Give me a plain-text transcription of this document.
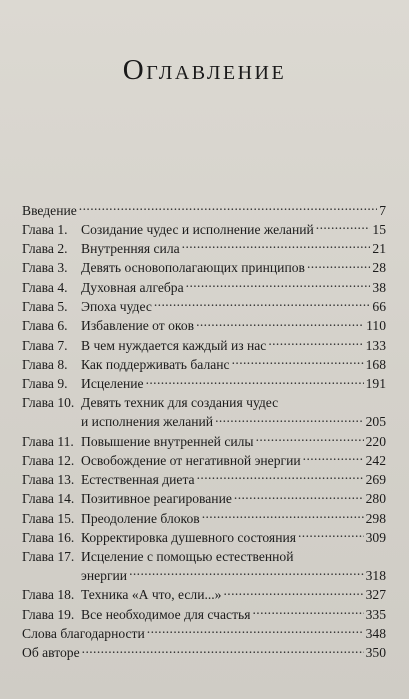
Оглавление
Введение . . .	7
Глава 1. Созидание чудес и исполнение желаний . . .	15
Глава 2. Внутренняя сила . . .	21
Глава 3. Девять основополагающих принципов . . .	28
Глава 4. Духовная алгебра . . .	38
Глава 5. Эпоха чудес . . .	66
Глава 6. Избавление от оков . . .	110
Глава 7. В чем нуждается каждый из нас . . .	133
Глава 8. Как поддерживать баланс . . .	168
Глава 9. Исцеление . . .	191
Глава 10. Девять техник для создания чудес
и исполнения желаний . . .	205
Глава 11. Повышение внутренней силы . . .	220
Глава 12. Освобождение от негативной энергии . . .	242
Глава 13. Естественная диета . . .	269
Глава 14. Позитивное реагирование . . .	280
Глава 15. Преодоление блоков . . .	298
Глава 16. Корректировка душевного состояния . . .	309
Глава 17. Исцеление с помощью естественной
энергии . . .	318
Глава 18. Техника «А что, если...» . . .	327
Глава 19. Все необходимое для счастья . . .	335
Слова благодарности . . .	348
Об авторе . . .	350
